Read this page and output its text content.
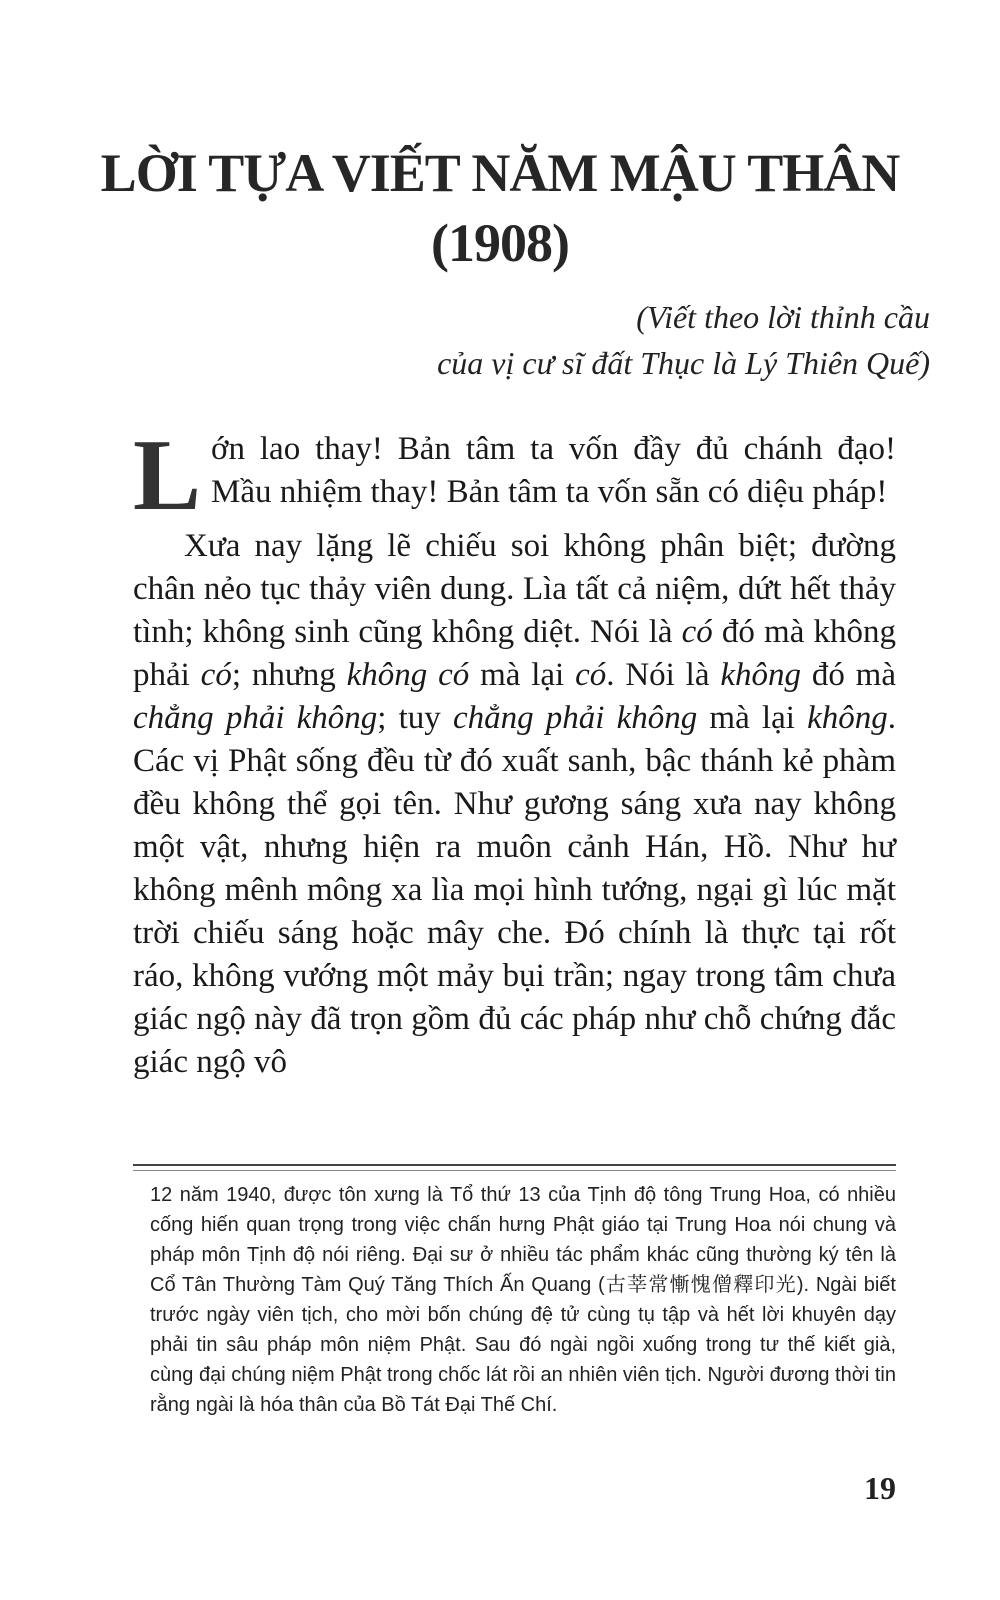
LỜI TỰA VIẾT NĂM MẬU THÂN
(1908)
(Viết theo lời thỉnh cầu
của vị cư sĩ đất Thục là Lý Thiên Quế)

Lớn lao thay! Bản tâm ta vốn đầy đủ chánh đạo! Mầu nhiệm thay! Bản tâm ta vốn sẵn có diệu pháp!

Xưa nay lặng lẽ chiếu soi không phân biệt; đường chân nẻo tục thảy viên dung. Lìa tất cả niệm, dứt hết thảy tình; không sinh cũng không diệt. Nói là có đó mà không phải có; nhưng không có mà lại có. Nói là không đó mà chẳng phải không; tuy chẳng phải không mà lại không. Các vị Phật sống đều từ đó xuất sanh, bậc thánh kẻ phàm đều không thể gọi tên. Như gương sáng xưa nay không một vật, nhưng hiện ra muôn cảnh Hán, Hồ. Như hư không mênh mông xa lìa mọi hình tướng, ngại gì lúc mặt trời chiếu sáng hoặc mây che. Đó chính là thực tại rốt ráo, không vướng một mảy bụi trần; ngay trong tâm chưa giác ngộ này đã trọn gồm đủ các pháp như chỗ chứng đắc giác ngộ vô

12 năm 1940, được tôn xưng là Tổ thứ 13 của Tịnh độ tông Trung Hoa, có nhiều cống hiến quan trọng trong việc chấn hưng Phật giáo tại Trung Hoa nói chung và pháp môn Tịnh độ nói riêng. Đại sư ở nhiều tác phẩm khác cũng thường ký tên là Cổ Tân Thường Tàm Quý Tăng Thích Ấn Quang (古莘常慚愧僧釋印光). Ngài biết trước ngày viên tịch, cho mời bốn chúng đệ tử cùng tụ tập và hết lời khuyên dạy phải tin sâu pháp môn niệm Phật. Sau đó ngài ngồi xuống trong tư thế kiết già, cùng đại chúng niệm Phật trong chốc lát rồi an nhiên viên tịch. Người đương thời tin rằng ngài là hóa thân của Bồ Tát Đại Thế Chí.

19
